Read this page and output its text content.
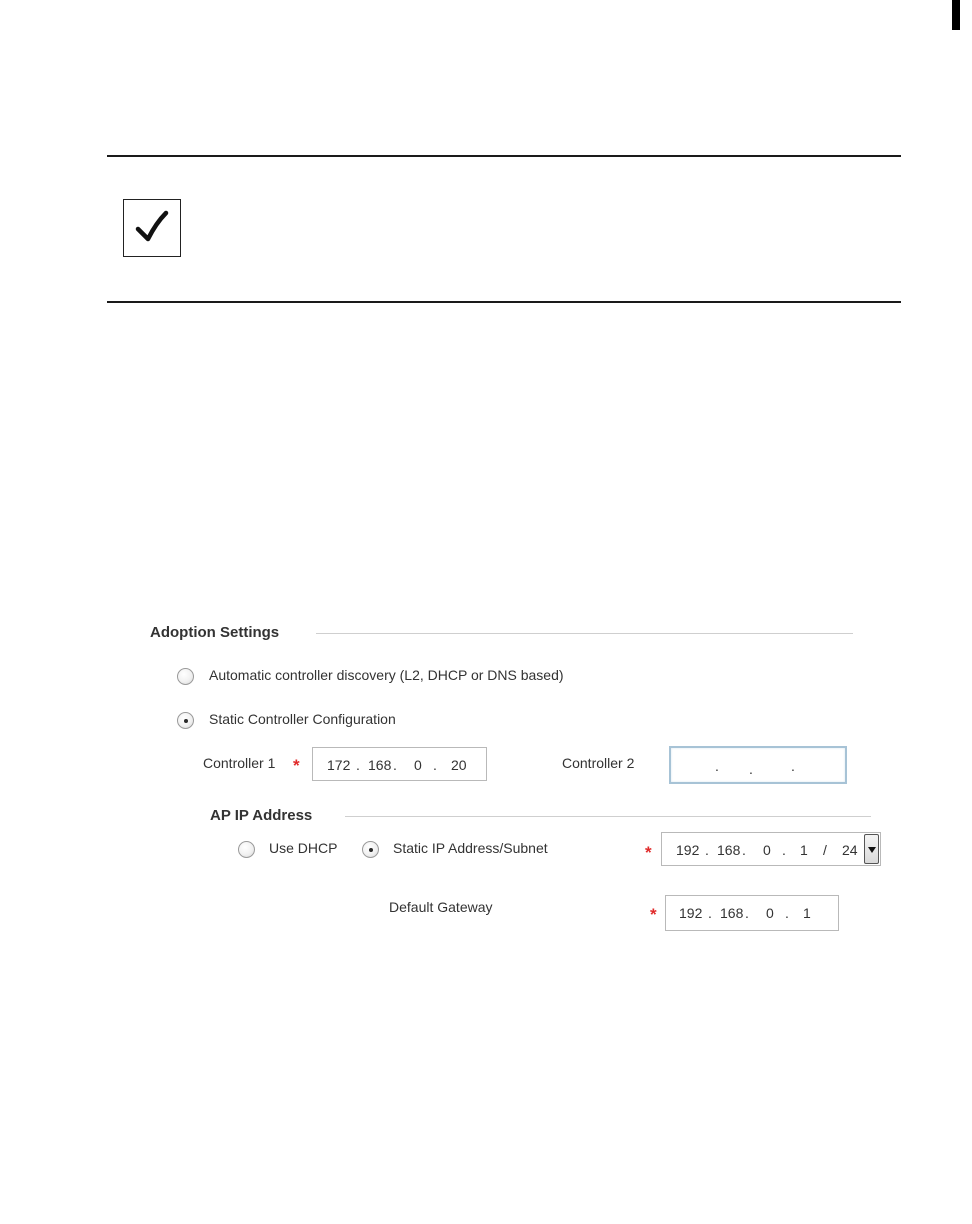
Adoption Settings
Automatic controller discovery (L2, DHCP or DNS based)
Static Controller Configuration
Controller 1 * 172 . 168 . 0 . 20	Controller 2	. .	.
AP IP Address
Use DHCP	Static IP Address/Subnet	* 192 . 168 . 0 . 1 / 24
Default Gateway	* 192 . 168 . 0 . 1
